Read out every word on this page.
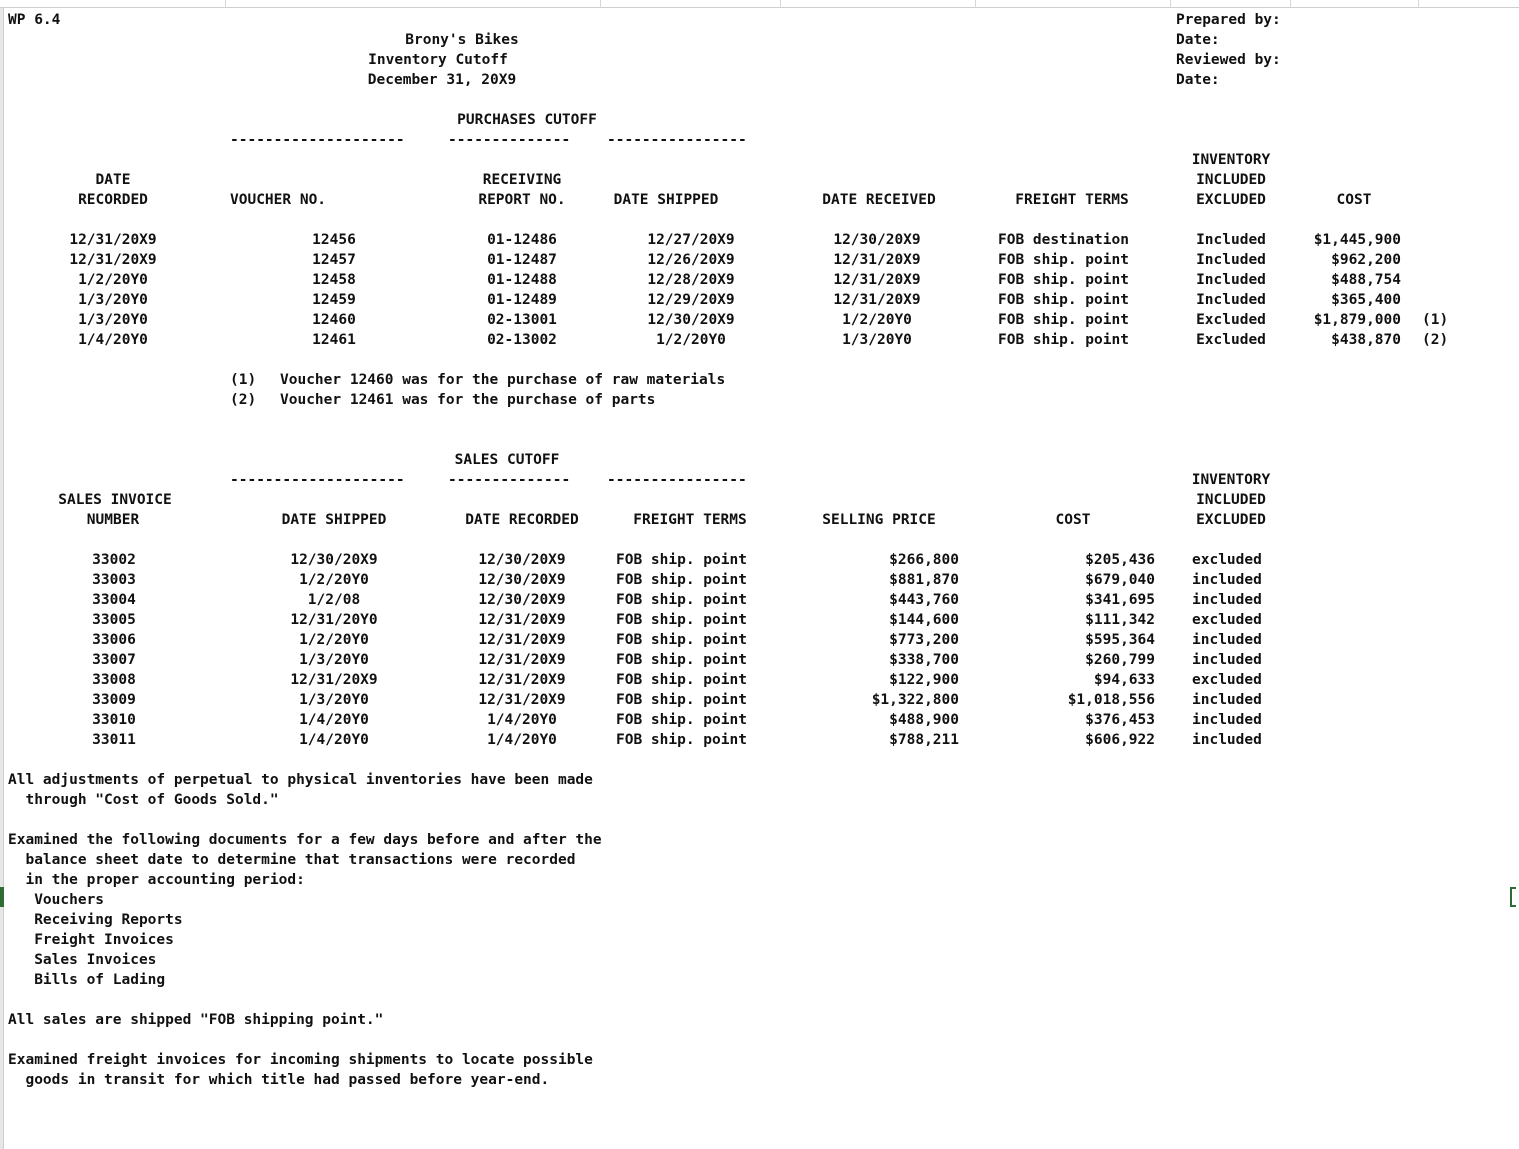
WP 6.4
Brony's Bikes
Inventory Cutoff
December 31, 20X9
Prepared by:
Date:
Reviewed by:
Date:
PURCHASES CUTOFF
--------------------	--------------	----------------
INVENTORY
DATE	RECEIVING	INCLUDED
RECORDED	VOUCHER NO.	REPORT NO.	DATE SHIPPED	DATE RECEIVED	FREIGHT TERMS	EXCLUDED	COST
12/31/20X9	12456	01-12486	12/27/20X9	12/30/20X9	FOB destination	Included	$1,445,900
12/31/20X9	12457	01-12487	12/26/20X9	12/31/20X9	FOB ship. point	Included	$962,200
1/2/20Y0	12458	01-12488	12/28/20X9	12/31/20X9	FOB ship. point	Included	$488,754
1/3/20Y0	12459	01-12489	12/29/20X9	12/31/20X9	FOB ship. point	Included	$365,400
1/3/20Y0	12460	02-13001	12/30/20X9	1/2/20Y0	FOB ship. point	Excluded	$1,879,000 (1)
1/4/20Y0	12461	02-13002	1/2/20Y0	1/3/20Y0	FOB ship. point	Excluded	$438,870 (2)
(1) Voucher 12460 was for the purchase of raw materials
(2) Voucher 12461 was for the purchase of parts
SALES CUTOFF
--------------------	--------------	----------------	INVENTORY
SALES INVOICE	INCLUDED
NUMBER	DATE SHIPPED	DATE RECORDED	FREIGHT TERMS	SELLING PRICE	COST	EXCLUDED
33002	12/30/20X9	12/30/20X9	FOB ship. point	$266,800	$205,436	excluded
33003	1/2/20Y0	12/30/20X9	FOB ship. point	$881,870	$679,040	included
33004	1/2/08	12/30/20X9	FOB ship. point	$443,760	$341,695	included
33005	12/31/20Y0	12/31/20X9	FOB ship. point	$144,600	$111,342	excluded
33006	1/2/20Y0	12/31/20X9	FOB ship. point	$773,200	$595,364	included
33007	1/3/20Y0	12/31/20X9	FOB ship. point	$338,700	$260,799	included
33008	12/31/20X9	12/31/20X9	FOB ship. point	$122,900	$94,633	excluded
33009	1/3/20Y0	12/31/20X9	FOB ship. point	$1,322,800	$1,018,556	included
33010	1/4/20Y0	1/4/20Y0	FOB ship. point	$488,900	$376,453	included
33011	1/4/20Y0	1/4/20Y0	FOB ship. point	$788,211	$606,922	included
All adjustments of perpetual to physical inventories have been made
through "Cost of Goods Sold."
Examined the following documents for a few days before and after the
balance sheet date to determine that transactions were recorded
in the proper accounting period:
Vouchers
Receiving Reports
Freight Invoices
Sales Invoices
Bills of Lading
All sales are shipped "FOB shipping point."
Examined freight invoices for incoming shipments to locate possible
goods in transit for which title had passed before year-end.
